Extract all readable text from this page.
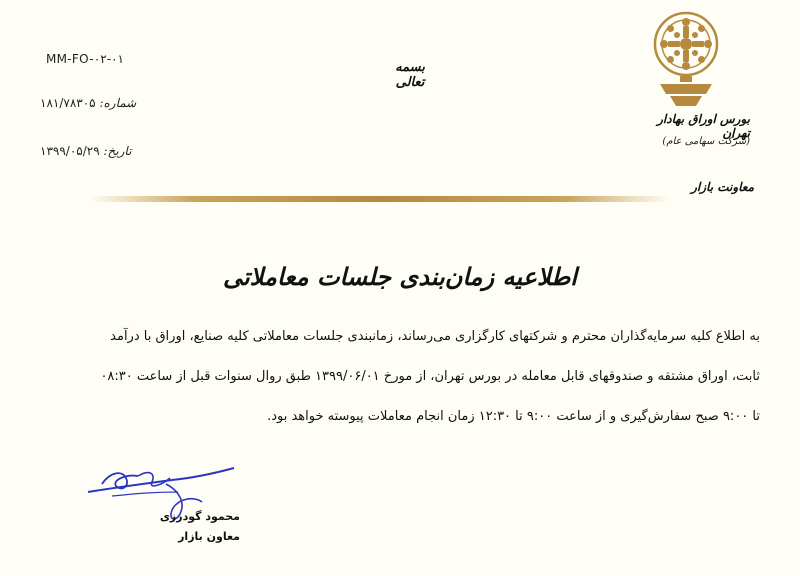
MM-FO-۰۲-۰۱
شماره: ۱۸۱/۷۸۳۰۵
تاریخ: ۱۳۹۹/۰۵/۲۹
بسمه تعالی
بورس اوراق بهادار تهران
(شرکت سهامی عام)
معاونت بازار
اطلاعیه زمان‌بندی جلسات معاملاتی
به اطلاع کلیه سرمایه‌گذاران محترم و شرکتهای کارگزاری می‌رساند، زمانبندی جلسات معاملاتی کلیه صنایع، اوراق با درآمد
ثابت، اوراق مشتقه و صندوقهای قابل معامله در بورس تهران، از مورخ ۱۳۹۹/۰۶/۰۱ طبق روال سنوات قبل از ساعت ۰۸:۳۰
تا ۹:۰۰ صبح سفارش‌گیری و از ساعت ۹:۰۰ تا ۱۲:۳۰ زمان انجام معاملات پیوسته خواهد بود.
محمود گودرزی
معاون بازار
